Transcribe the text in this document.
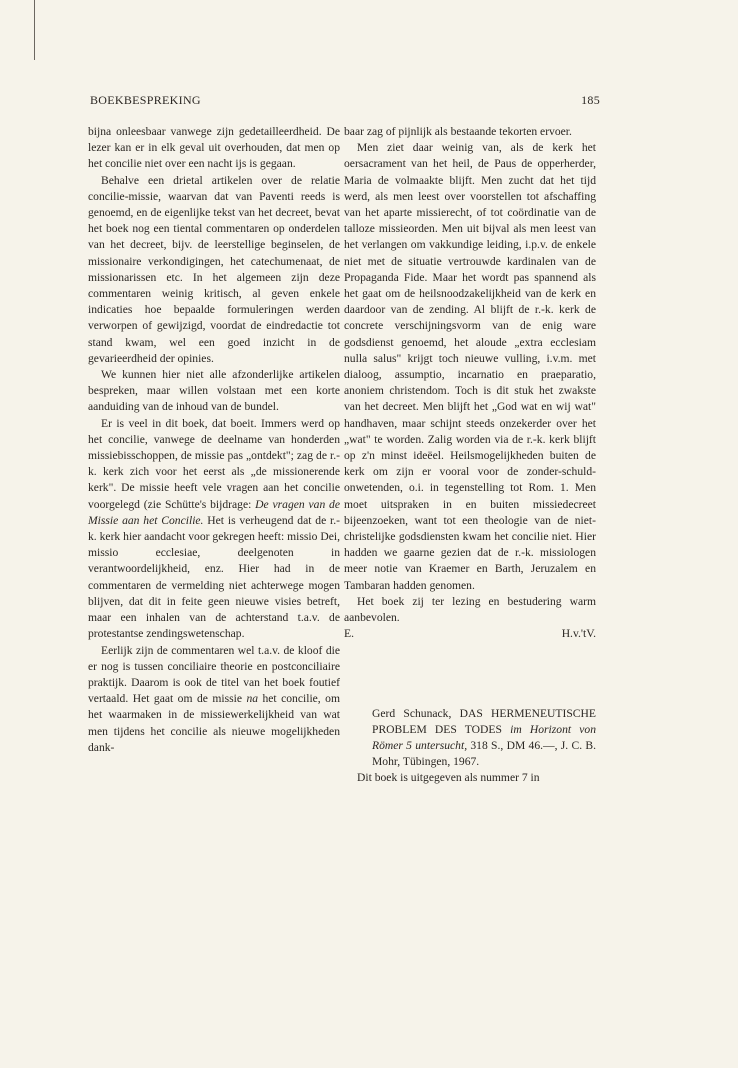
BOEKBESPREKING	185

bijna onleesbaar vanwege zijn gedetailleerdheid. De lezer kan er in elk geval uit overhouden, dat men op het concilie niet over een nacht ijs is gegaan.

Behalve een drietal artikelen over de relatie concilie-missie, waarvan dat van Paventi reeds is genoemd, en de eigenlijke tekst van het decreet, bevat het boek nog een tiental commentaren op onderdelen van het decreet, bijv. de leerstellige beginselen, de missionaire verkondigingen, het catechumenaat, de missionarissen etc. In het algemeen zijn deze commentaren weinig kritisch, al geven enkele indicaties hoe bepaalde formuleringen werden verworpen of gewijzigd, voordat de eindredactie tot stand kwam, wel een goed inzicht in de gevarieerdheid der opinies.

We kunnen hier niet alle afzonderlijke artikelen bespreken, maar willen volstaan met een korte aanduiding van de inhoud van de bundel.

Er is veel in dit boek, dat boeit. Immers werd op het concilie, vanwege de deelname van honderden missiebisschoppen, de missie pas „ontdekt"; zag de r.-k. kerk zich voor het eerst als „de missionerende kerk". De missie heeft vele vragen aan het concilie voorgelegd (zie Schütte's bijdrage: De vragen van de Missie aan het Concilie. Het is verheugend dat de r.-k. kerk hier aandacht voor gekregen heeft: missio Dei, missio ecclesiae, deelgenoten in verantwoordelijkheid, enz. Hier had in de commentaren de vermelding niet achterwege mogen blijven, dat dit in feite geen nieuwe visies betreft, maar een inhalen van de achterstand t.a.v. de protestantse zendingswetenschap.

Eerlijk zijn de commentaren wel t.a.v. de kloof die er nog is tussen conciliaire theorie en postconciliaire praktijk. Daarom is ook de titel van het boek foutief vertaald. Het gaat om de missie na het concilie, om het waarmaken in de missiewerkelijkheid van wat men tijdens het concilie als nieuwe mogelijkheden dank-

baar zag of pijnlijk als bestaande tekorten ervoer.

Men ziet daar weinig van, als de kerk het oersacrament van het heil, de Paus de opperherder, Maria de volmaakte blijft. Men zucht dat het tijd werd, als men leest over voorstellen tot afschaffing van het aparte missierecht, of tot coördinatie van de talloze missieorden. Men uit bijval als men leest van het verlangen om vakkundige leiding, i.p.v. de enkele niet met de situatie vertrouwde kardinalen van de Propaganda Fide. Maar het wordt pas spannend als het gaat om de heilsnoodzakelijkheid van de kerk en daardoor van de zending. Al blijft de r.-k. kerk de concrete verschijningsvorm van de enig ware godsdienst genoemd, het aloude „extra ecclesiam nulla salus" krijgt toch nieuwe vulling, i.v.m. met dialoog, assumptio, incarnatio en praeparatio, anoniem christendom. Toch is dit stuk het zwakste van het decreet. Men blijft het „God wat en wij wat" handhaven, maar schijnt steeds onzekerder over het „wat" te worden. Zalig worden via de r.-k. kerk blijft op z'n minst ideëel. Heilsmogelijkheden buiten de kerk om zijn er vooral voor de zonder-schuld-onwetenden, o.i. in tegenstelling tot Rom. 1. Men moet uitspraken in en buiten missiedecreet bijeenzoeken, want tot een theologie van de niet-christelijke godsdiensten kwam het concilie niet. Hier hadden we gaarne gezien dat de r.-k. missiologen meer notie van Kraemer en Barth, Jeruzalem en Tambaran hadden genomen.

Het boek zij ter lezing en bestudering warm aanbevolen.

E.	H.v.'tV.

Gerd Schunack, DAS HERMENEUTISCHE PROBLEM DES TODES im Horizont von Römer 5 untersucht, 318 S., DM 46.—, J. C. B. Mohr, Tübingen, 1967.

Dit boek is uitgegeven als nummer 7 in
